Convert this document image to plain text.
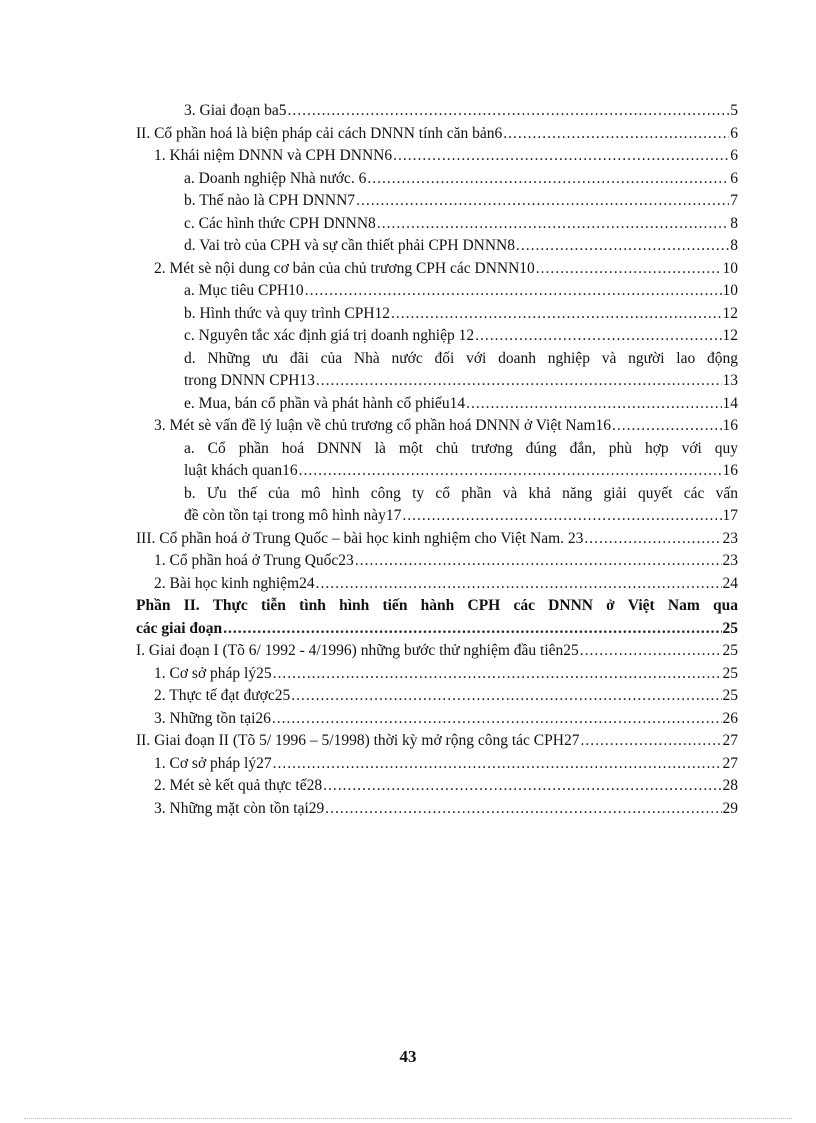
3. Giai đoạn ba5 .....	5
II. Cổ phần hoá là biện pháp cải cách DNNN tính căn bản6 .....	6
1. Khái niệm DNNN và CPH DNNN6 .....	6
a. Doanh nghiệp Nhà nước. 6 .....	6
b. Thế nào là CPH DNNN7 .....	7
c. Các hình thức CPH DNNN8 .....	8
d. Vai trò của CPH và sự cần thiết phải CPH DNNN8 .....	8
2. Mét sè nội dung cơ bản của chủ trương CPH các DNNN10 .....	10
a. Mục tiêu CPH10 .....	10
b. Hình thức và quy trình CPH12 .....	12
c. Nguyên tắc xác định giá trị doanh nghiệp 12 .....	12
d. Những ưu đãi của Nhà nước đối với doanh nghiệp và người lao động
trong DNNN CPH13 .....	13
e. Mua, bán cổ phần và phát hành cổ phiếu14 .....	14
3. Mét sè vấn đề lý luận về chủ trương cổ phần hoá DNNN ở Việt Nam16 .....	16
a. Cổ phần hoá DNNN là một chủ trương đúng đắn, phù hợp với quy
luật khách quan16 .....	16
b. Ưu thế của mô hình công ty cổ phần và khả năng giải quyết các vấn
đề còn tồn tại trong mô hình này17 .....	17
III. Cổ phần hoá ở Trung Quốc – bài học kinh nghiệm cho Việt Nam. 23 .....	23
1. Cổ phần hoá ở Trung Quốc23 .....	23
2. Bài học kinh nghiệm24 .....	24
Phần II. Thực tiễn tình hình tiến hành CPH các DNNN ở Việt Nam qua
các giai đoạn .....	25
I. Giai đoạn I (Tõ 6/ 1992 - 4/1996) những bước thử nghiệm đầu tiên25 .....	25
1. Cơ sở pháp lý25 .....	25
2. Thực tế đạt được25 .....	25
3. Những tồn tại26 .....	26
II. Giai đoạn II (Tõ 5/ 1996 – 5/1998) thời kỳ mở rộng công tác CPH27 .....	27
1. Cơ sở pháp lý27 .....	27
2. Mét sè kết quả thực tế28 .....	28
3. Những mặt còn tồn tại29 .....	29
43
